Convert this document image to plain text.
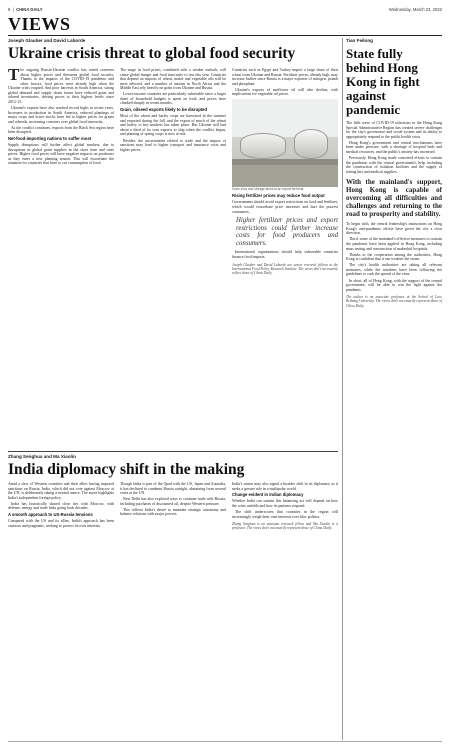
8  |  CHINA DAILY	Wednesday, March 23, 2022
VIEWS
Joseph Glauber and David Laborde
Ukraine crisis threat to global food security

The ongoing Russia-Ukraine conflict has raised concerns about higher prices and threatens global food security. Thanks to the impacts of the COVID-19 pandemic and other factors, food prices were already high when the Ukraine crisis erupted. And poor harvests in South America, strong global demand and supply chain issues have reduced grain and oilseed inventories, driving prices to their highest levels since 2012-13.

Ukraine's exports have also reached record highs in recent years. Increases in production in South America, reduced plantings of major crops and lower stocks have led to higher prices for grains and oilseeds, increasing concerns over global food insecurity.

As the conflict continues, exports from the Black Sea region have been disrupted.

Net-food-importing nations to suffer most

Supply disruptions will further affect global markets, due to disruptions in global grain supplies in the short term and raise prices. Higher food prices will have negative impacts on producers as they enter a new planting season. This will exacerbate the situation for countries that have to cut consumption of food.

The surge in food prices, combined with a weaker outlook, will cause global hunger and food insecurity to rise this year. Countries that depend on imports of wheat, maize and vegetable oils will be most affected, and a number of nations in North Africa and the Middle East rely heavily on grain from Ukraine and Russia.

Lower-income countries are particularly vulnerable since a larger share of household budgets is spent on food, and prices have climbed sharply in recent months.

Grain, oilseed exports likely to be disrupted

Most of the wheat and barley crops are harvested in the summer and exported during the fall, and the export of much of the wheat and barley to key markets has taken place. But Ukraine still had about a third of its corn exports to ship when the conflict began, and planting of spring crops is now at risk.

Besides, the uncertainties related to trade and the impact of sanctions may lead to higher transport and insurance costs and higher prices.

Countries such as Egypt and Turkey import a large share of their wheat from Ukraine and Russia. Fertilizer prices, already high, may increase further since Russia is a major exporter of nitrogen, potash and phosphate.

Ukraine's exports of sunflower oil will also decline, with implications for vegetable oil prices.

Grain silos and storage tanks at an export terminal.
Rising fertilizer prices may reduce food output

Governments should avoid export restrictions on food and fertilizer, which would exacerbate price increases and hurt the poorest consumers.

Higher fertilizer prices and export restrictions could further increase costs for food producers and consumers.

International organizations should help vulnerable countries finance food imports.

Joseph Glauber and David Laborde are senior research fellows at the International Food Policy Research Institute. The views don't necessarily reflect those of China Daily.
Zhang Senghua and Ma Xiaolin
India diplomacy shift in the making

Amid a slew of Western countries and their allies having imposed sanctions on Russia, India, which did not vote against Moscow at the UN, is deliberately taking a neutral stance. The move highlights India's independent foreign policy.

India has historically shared close ties with Moscow, with defense, energy and trade links going back decades.

A smooth approach to US-Russia tensions

Compared with the US and its allies, India's approach has been cautious and pragmatic, seeking to protect its own interests.

Though India is part of the Quad with the US, Japan and Australia, it has declined to condemn Russia outright, abstaining from several votes at the UN.

New Delhi has also explored ways to continue trade with Russia, including purchases of discounted oil, despite Western pressure.

This reflects India's desire to maintain strategic autonomy and balance relations with major powers.

India's stance may also signal a broader shift in its diplomacy as it seeks a greater role in a multipolar world.

Change evident in Indian diplomacy

Whether India can sustain this balancing act will depend on how the crisis unfolds and how its partners respond.

The shift underscores that countries in the region will increasingly weigh their own interests over bloc politics.

Zhang Senghua is an assistant research fellow and Ma Xiaolin is a professor. The views don't necessarily represent those of China Daily.
Tian Feilong
State fully behind Hong Kong in fight against pandemic

The fifth wave of COVID-19 infections in the Hong Kong Special Administrative Region has created severe challenges for the city's governance and social system and its ability to appropriately respond to the public health crisis.

Hong Kong's government and central mechanisms have been under pressure, with a shortage of hospital beds and medical resources, and the public's anxiety has increased.

Previously, Hong Kong made concerted efforts to contain the pandemic with the central government's help, including the construction of isolation facilities and the supply of testing kits and medical supplies.

With the mainland's support, Hong Kong is capable of overcoming all difficulties and challenges and returning to the road to prosperity and stability.

To begin with, the central leadership's instructions on Hong Kong's anti-pandemic efforts have given the city a clear direction.

Third, some of the mainland's effective measures to contain the pandemic have been applied in Hong Kong, including mass testing and construction of makeshift hospitals.

Thanks to the cooperation among the authorities, Hong Kong is confident that it can weather the storm.

The city's health authorities are taking all relevant measures, while the residents have been following the guidelines to curb the spread of the virus.

In short, all of Hong Kong, with the support of the central government, will be able to win the fight against the pandemic.

The author is an associate professor at the School of Law, Beihang University. The views don't necessarily represent those of China Daily.
